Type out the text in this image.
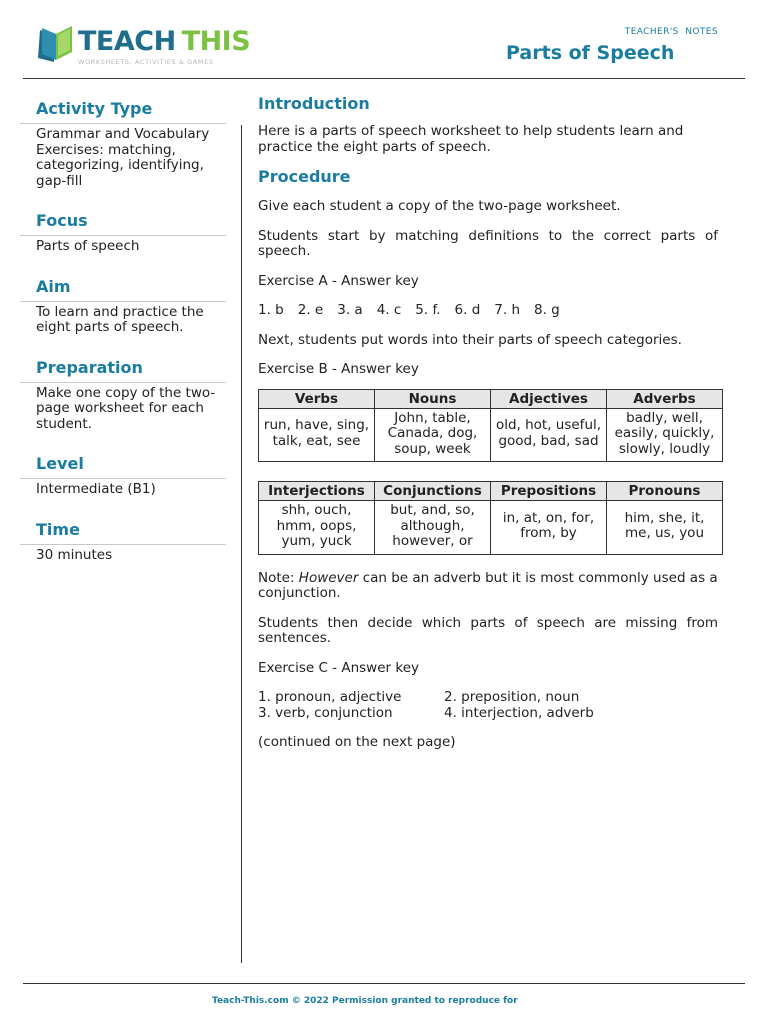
TEACH THIS
WORKSHEETS, ACTIVITIES & GAMES
TEACHER'S  NOTES
Parts of Speech
Activity Type
Grammar and Vocabulary Exercises: matching, categorizing, identifying, gap-fill
Focus
Parts of speech
Aim
To learn and practice the eight parts of speech.
Preparation
Make one copy of the two-page worksheet for each student.
Level
Intermediate (B1)
Time
30 minutes
Introduction

Here is a parts of speech worksheet to help students learn and practice the eight parts of speech.

Procedure

Give each student a copy of the two-page worksheet.

Students start by matching definitions to the correct parts of speech.

Exercise A - Answer key

1. b 2. e 3. a 4. c 5. f. 6. d 7. h 8. g

Next, students put words into their parts of speech categories.

Exercise B - Answer key

Verbs	Nouns	Adjectives	Adverbs
run, have, sing, talk, eat, see	John, table, Canada, dog, soup, week	old, hot, useful, good, bad, sad	badly, well, easily, quickly, slowly, loudly
Interjections	Conjunctions	Prepositions	Pronouns
shh, ouch, hmm, oops, yum, yuck	but, and, so, although, however, or	in, at, on, for, from, by	him, she, it, me, us, you

Note: However can be an adverb but it is most commonly used as a conjunction.

Students then decide which parts of speech are missing from sentences.

Exercise C - Answer key

1. pronoun, adjective	2. preposition, noun
3. verb, conjunction	4. interjection, adverb

(continued on the next page)

Teach-This.com © 2022 Permission granted to reproduce for
